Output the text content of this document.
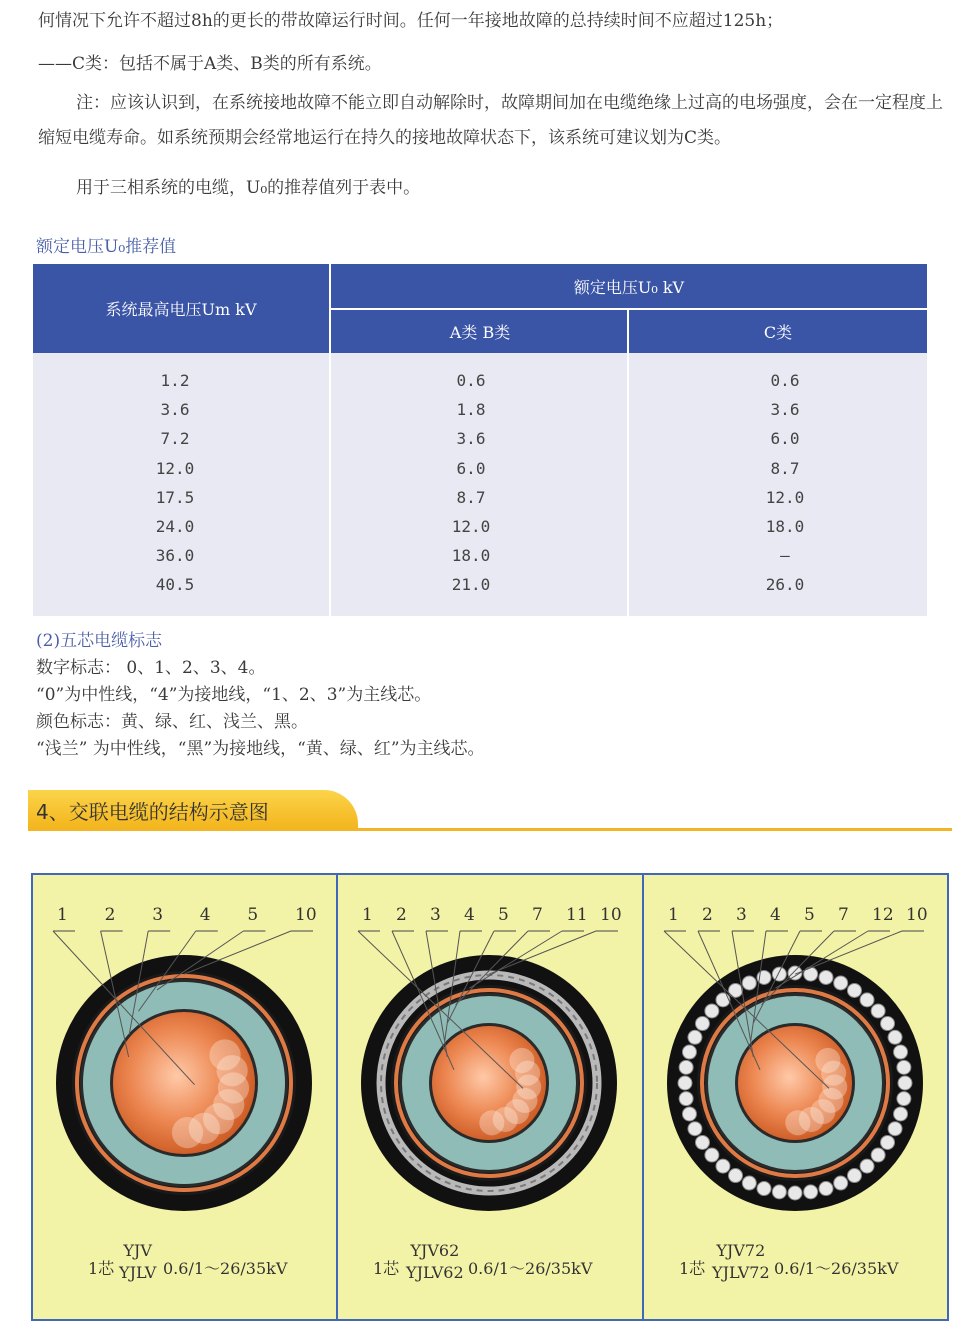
何情况下允许不超过8h的更长的带故障运行时间。任何一年接地故障的总持续时间不应超过125h；
——C类：包括不属于A类、B类的所有系统。
注：应该认识到，在系统接地故障不能立即自动解除时，故障期间加在电缆绝缘上过高的电场强度，会在一定程度上缩短电缆寿命。如系统预期会经常地运行在持久的接地故障状态下，该系统可建议划为C类。
用于三相系统的电缆，U₀的推荐值列于表中。
额定电压U₀推荐值
系统最高电压Um kV
额定电压U₀ kV
A类 B类	C类
1.2	0.6	0.6
3.6	1.8	3.6
7.2	3.6	6.0
12.0	6.0	8.7
17.5	8.7	12.0
24.0	12.0	18.0
36.0	18.0	—
40.5	21.0	26.0
(2)五芯电缆标志
数字标志： 0、1、2、3、4。
“0”为中性线，“4”为接地线，“1、2、3”为主线芯。
颜色标志：黄、绿、红、浅兰、黑。
“浅兰” 为中性线，“黑”为接地线，“黄、绿、红”为主线芯。
4、交联电缆的结构示意图
1 2 3 4 5 10
1芯
YJV
YJLV 0.6/1～26/35kV
1 2 3 4 5 7 11 10
1芯
YJV62
YJLV62 0.6/1～26/35kV
1 2 3 4 5 7 12 10
1芯
YJV72
YJLV72 0.6/1～26/35kV
